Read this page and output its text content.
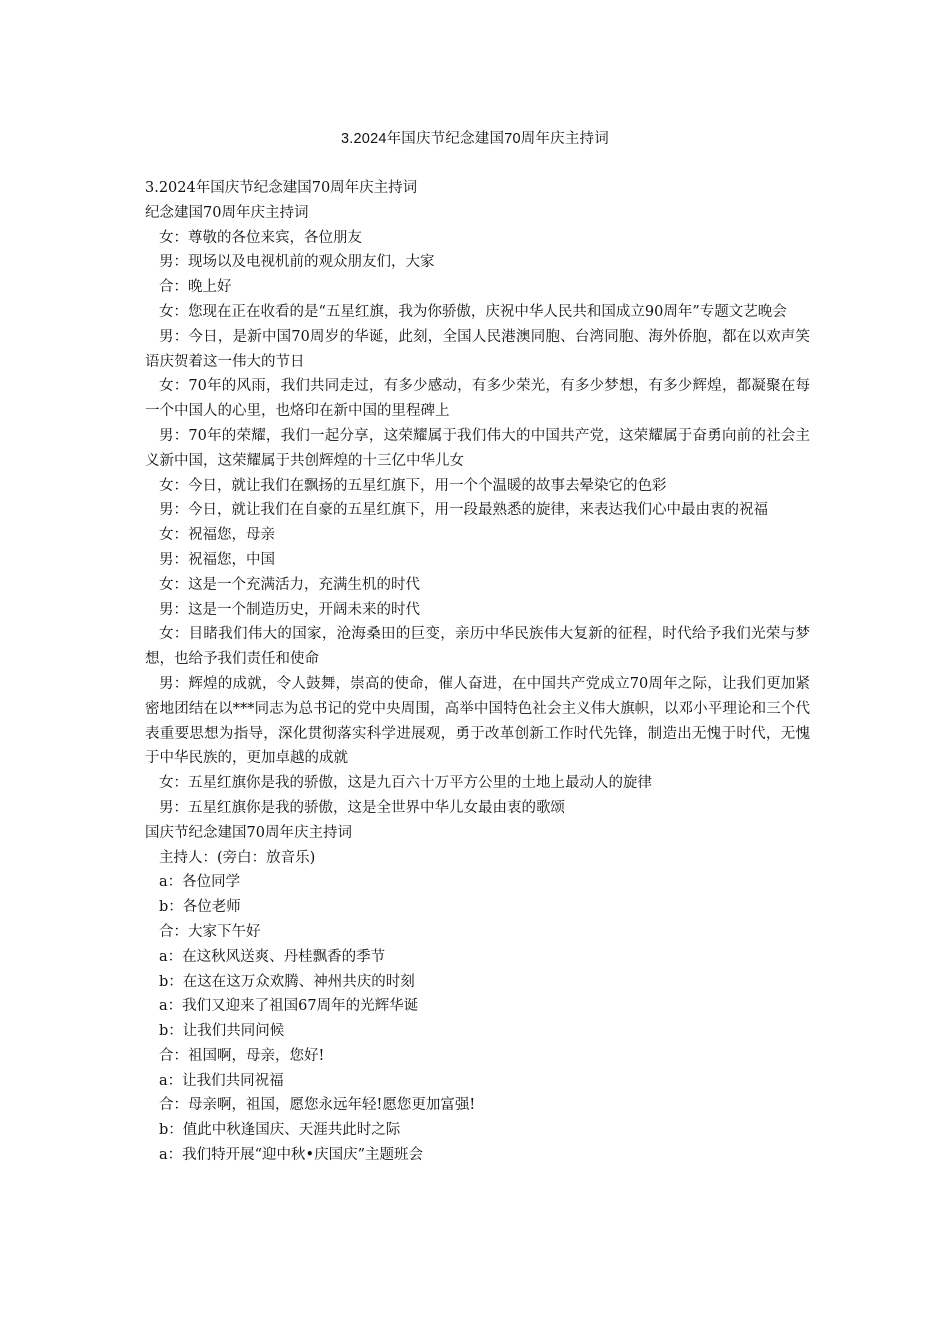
3.2024年国庆节纪念建国70周年庆主持词

3.2024年国庆节纪念建国70周年庆主持词

纪念建国70周年庆主持词

女：尊敬的各位来宾，各位朋友

男：现场以及电视机前的观众朋友们，大家

合：晚上好

女：您现在正在收看的是“五星红旗，我为你骄傲，庆祝中华人民共和国成立90周年”专题文艺晚会

男：今日，是新中国70周岁的华诞，此刻，全国人民港澳同胞、台湾同胞、海外侨胞，都在以欢声笑语庆贺着这一伟大的节日

女：70年的风雨，我们共同走过，有多少感动，有多少荣光，有多少梦想，有多少辉煌，都凝聚在每一个中国人的心里，也烙印在新中国的里程碑上

男：70年的荣耀，我们一起分享，这荣耀属于我们伟大的中国共产党，这荣耀属于奋勇向前的社会主义新中国，这荣耀属于共创辉煌的十三亿中华儿女

女：今日，就让我们在飘扬的五星红旗下，用一个个温暖的故事去晕染它的色彩

男：今日，就让我们在自豪的五星红旗下，用一段最熟悉的旋律，来表达我们心中最由衷的祝福

女：祝福您，母亲

男：祝福您，中国

女：这是一个充满活力，充满生机的时代

男：这是一个制造历史，开阔未来的时代

女：目睹我们伟大的国家，沧海桑田的巨变，亲历中华民族伟大复新的征程，时代给予我们光荣与梦想，也给予我们责任和使命

男：辉煌的成就，令人鼓舞，崇高的使命，催人奋进，在中国共产党成立70周年之际，让我们更加紧密地团结在以***同志为总书记的党中央周围，高举中国特色社会主义伟大旗帜，以邓小平理论和三个代表重要思想为指导，深化贯彻落实科学进展观，勇于改革创新工作时代先锋，制造出无愧于时代，无愧于中华民族的，更加卓越的成就

女：五星红旗你是我的骄傲，这是九百六十万平方公里的土地上最动人的旋律

男：五星红旗你是我的骄傲，这是全世界中华儿女最由衷的歌颂

国庆节纪念建国70周年庆主持词

主持人：(旁白：放音乐)

a：各位同学

b：各位老师

合：大家下午好

a：在这秋风送爽、丹桂飘香的季节

b：在这在这万众欢腾、神州共庆的时刻

a：我们又迎来了祖国67周年的光辉华诞

b：让我们共同问候

合：祖国啊，母亲，您好!

a：让我们共同祝福

合：母亲啊，祖国，愿您永远年轻!愿您更加富强!

b：值此中秋逢国庆、天涯共此时之际

a：我们特开展“迎中秋•庆国庆”主题班会
